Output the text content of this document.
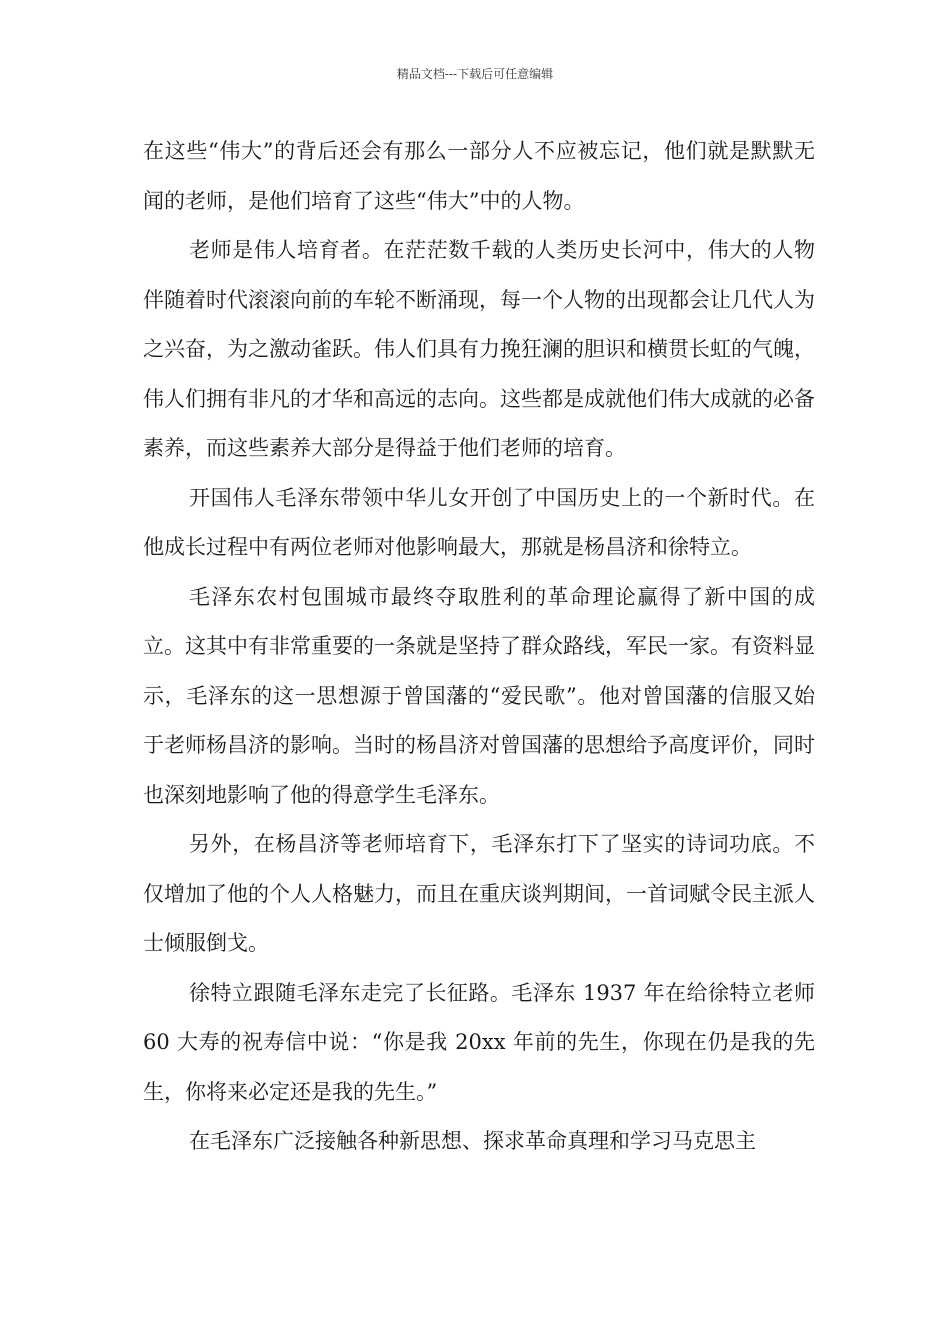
精品文档---下载后可任意编辑

在这些“伟大”的背后还会有那么一部分人不应被忘记，他们就是默默无闻的老师，是他们培育了这些“伟大”中的人物。

老师是伟人培育者。在茫茫数千载的人类历史长河中，伟大的人物伴随着时代滚滚向前的车轮不断涌现，每一个人物的出现都会让几代人为之兴奋，为之激动雀跃。伟人们具有力挽狂澜的胆识和横贯长虹的气魄，伟人们拥有非凡的才华和高远的志向。这些都是成就他们伟大成就的必备素养，而这些素养大部分是得益于他们老师的培育。

开国伟人毛泽东带领中华儿女开创了中国历史上的一个新时代。在他成长过程中有两位老师对他影响最大，那就是杨昌济和徐特立。

毛泽东农村包围城市最终夺取胜利的革命理论赢得了新中国的成立。这其中有非常重要的一条就是坚持了群众路线，军民一家。有资料显示，毛泽东的这一思想源于曾国藩的“爱民歌”。他对曾国藩的信服又始于老师杨昌济的影响。当时的杨昌济对曾国藩的思想给予高度评价，同时也深刻地影响了他的得意学生毛泽东。

另外，在杨昌济等老师培育下，毛泽东打下了坚实的诗词功底。不仅增加了他的个人人格魅力，而且在重庆谈判期间，一首词赋令民主派人士倾服倒戈。

徐特立跟随毛泽东走完了长征路。毛泽东 1937 年在给徐特立老师 60 大寿的祝寿信中说：“你是我 20xx 年前的先生，你现在仍是我的先生，你将来必定还是我的先生。”

在毛泽东广泛接触各种新思想、探求革命真理和学习马克思主
